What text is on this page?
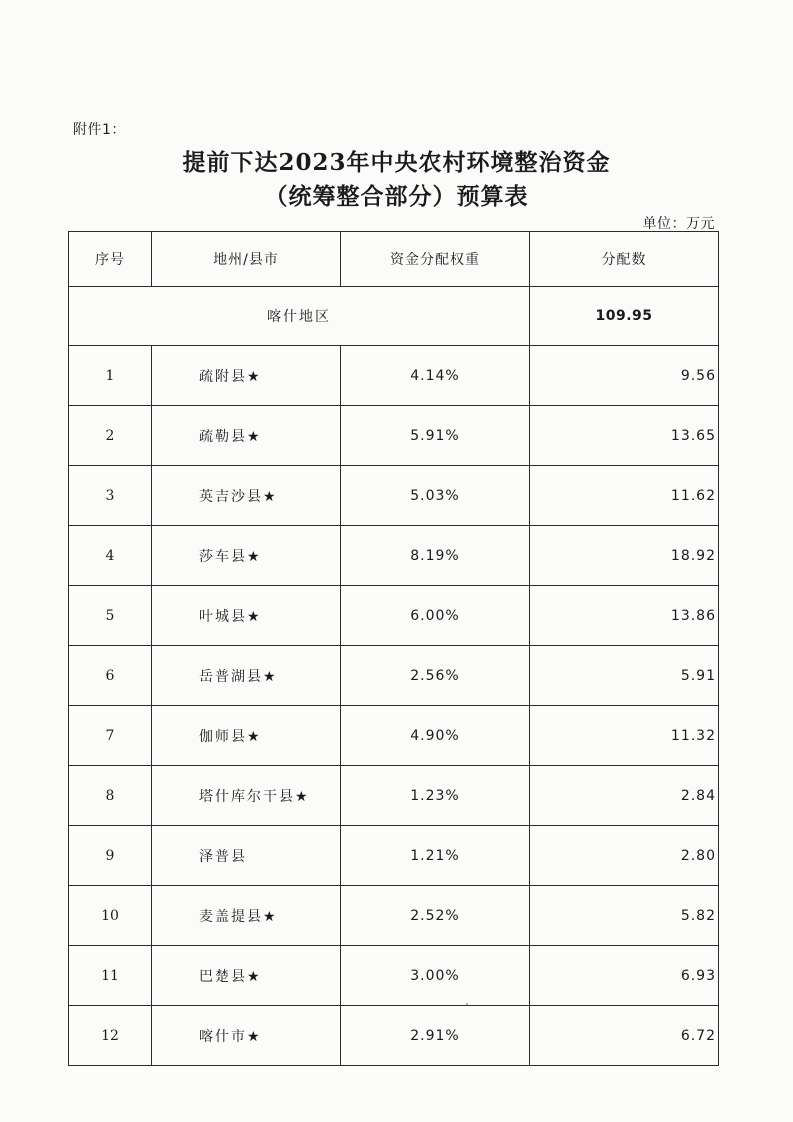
附件1：
提前下达2023年中央农村环境整治资金
（统筹整合部分）预算表
单位：万元
序号	地州/县市	资金分配权重	分配数
喀什地区			109.95
1	疏附县★	4.14%	9.56
2	疏勒县★	5.91%	13.65
3	英吉沙县★	5.03%	11.62
4	莎车县★	8.19%	18.92
5	叶城县★	6.00%	13.86
6	岳普湖县★	2.56%	5.91
7	伽师县★	4.90%	11.32
8	塔什库尔干县★	1.23%	2.84
9	泽普县	1.21%	2.80
10	麦盖提县★	2.52%	5.82
11	巴楚县★	3.00%	6.93
12	喀什市★	2.91%	6.72
